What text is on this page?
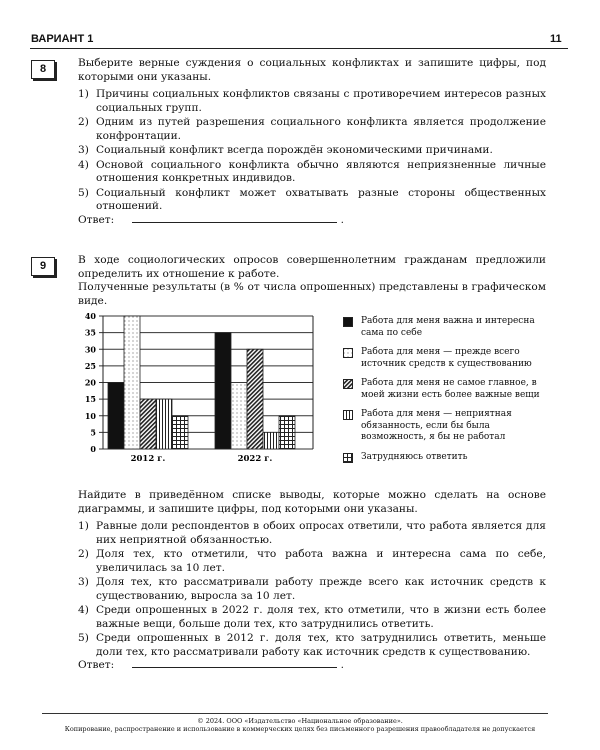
ВАРИАНТ 1	11
8	Выберите верные суждения о социальных конфликтах и запишите цифры, под которыми они указаны.
1) Причины социальных конфликтов связаны с противоречием интересов разных социальных групп.
2) Одним из путей разрешения социального конфликта является продолжение конфронтации.
3) Социальный конфликт всегда порождён экономическими причинами.
4) Основой социального конфликта обычно являются неприязненные личные отношения конкретных индивидов.
5) Социальный конфликт может охватывать разные стороны общественных отношений.
Ответ:	.
9	В ходе социологических опросов совершеннолетним гражданам предложили определить их отношение к работе.
Полученные результаты (в % от числа опрошенных) представлены в графическом виде.
0
5
10
15
20
25
30
35
40
2012 г.	2022 г.
Работа для меня важна и интересна сама по себе
Работа для меня — прежде всего источник средств к существованию
Работа для меня не самое главное, в моей жизни есть более важные вещи
Работа для меня — неприятная обязанность, если бы была возможность, я бы не работал
Затрудняюсь ответить
Найдите в приведённом списке выводы, которые можно сделать на основе диаграммы, и запишите цифры, под которыми они указаны.
1) Равные доли респондентов в обоих опросах ответили, что работа является для них неприятной обязанностью.
2) Доля тех, кто отметили, что работа важна и интересна сама по себе, увеличилась за 10 лет.
3) Доля тех, кто рассматривали работу прежде всего как источник средств к существованию, выросла за 10 лет.
4) Среди опрошенных в 2022 г. доля тех, кто отметили, что в жизни есть более важные вещи, больше доли тех, кто затруднились ответить.
5) Среди опрошенных в 2012 г. доля тех, кто затруднились ответить, меньше доли тех, кто рассматривали работу как источник средств к существованию.
Ответ:	.
© 2024. ООО «Издательство «Национальное образование».
Копирование, распространение и использование в коммерческих целях без письменного разрешения правообладателя не допускается
